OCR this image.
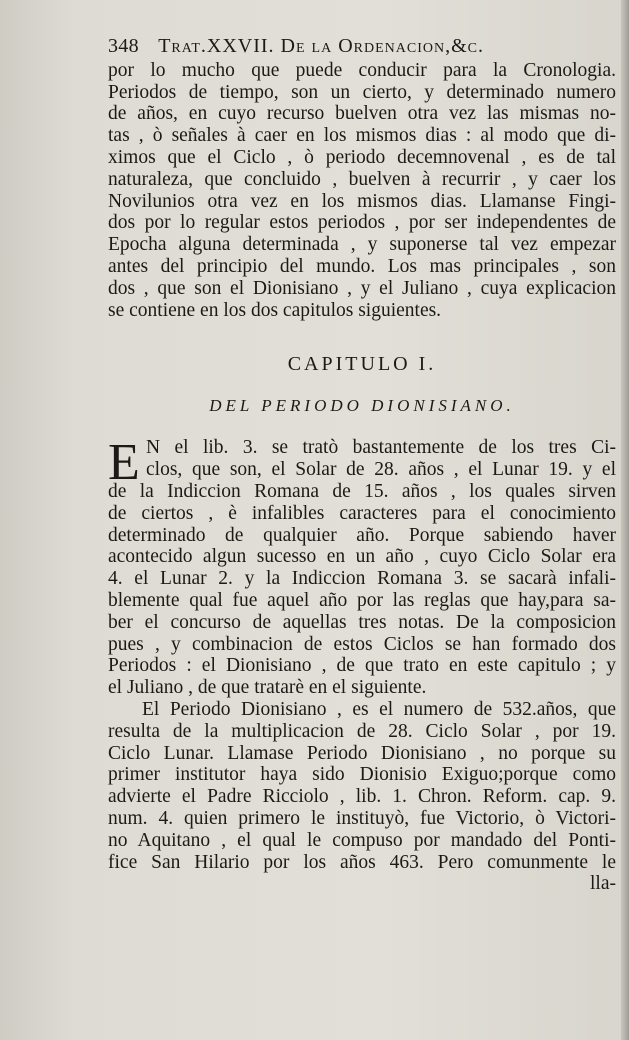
348 Trat.XXVII. De la Ordenacion,&c.
por lo mucho que puede conducir para la Cronologia.
Periodos de tiempo, son un cierto, y determinado numero
de años, en cuyo recurso buelven otra vez las mismas no-
tas , ò señales à caer en los mismos dias : al modo que di-
ximos que el Ciclo , ò periodo decemnovenal , es de tal
naturaleza, que concluido , buelven à recurrir , y caer los
Novilunios otra vez en los mismos dias. Llamanse Fingi-
dos por lo regular estos periodos , por ser independentes de
Epocha alguna determinada , y suponerse tal vez empezar
antes del principio del mundo. Los mas principales , son
dos , que son el Dionisiano , y el Juliano , cuya explicacion
se contiene en los dos capitulos siguientes.
CAPITULO I.
DEL PERIODO DIONISIANO.
E N el lib. 3. se tratò bastantemente de los tres Ci-
clos, que son, el Solar de 28. años , el Lunar 19. y el
de la Indiccion Romana de 15. años , los quales sirven
de ciertos , è infalibles caracteres para el conocimiento
determinado de qualquier año. Porque sabiendo haver
acontecido algun sucesso en un año , cuyo Ciclo Solar era
4. el Lunar 2. y la Indiccion Romana 3. se sacarà infali-
blemente qual fue aquel año por las reglas que hay,para sa-
ber el concurso de aquellas tres notas. De la composicion
pues , y combinacion de estos Ciclos se han formado dos
Periodos : el Dionisiano , de que trato en este capitulo ; y
el Juliano , de que tratarè en el siguiente.
El Periodo Dionisiano , es el numero de 532.años, que
resulta de la multiplicacion de 28. Ciclo Solar , por 19.
Ciclo Lunar. Llamase Periodo Dionisiano , no porque su
primer institutor haya sido Dionisio Exiguo;porque como
advierte el Padre Ricciolo , lib. 1. Chron. Reform. cap. 9.
num. 4. quien primero le instituyò, fue Victorio, ò Victori-
no Aquitano , el qual le compuso por mandado del Ponti-
fice San Hilario por los años 463. Pero comunmente le
lla-
